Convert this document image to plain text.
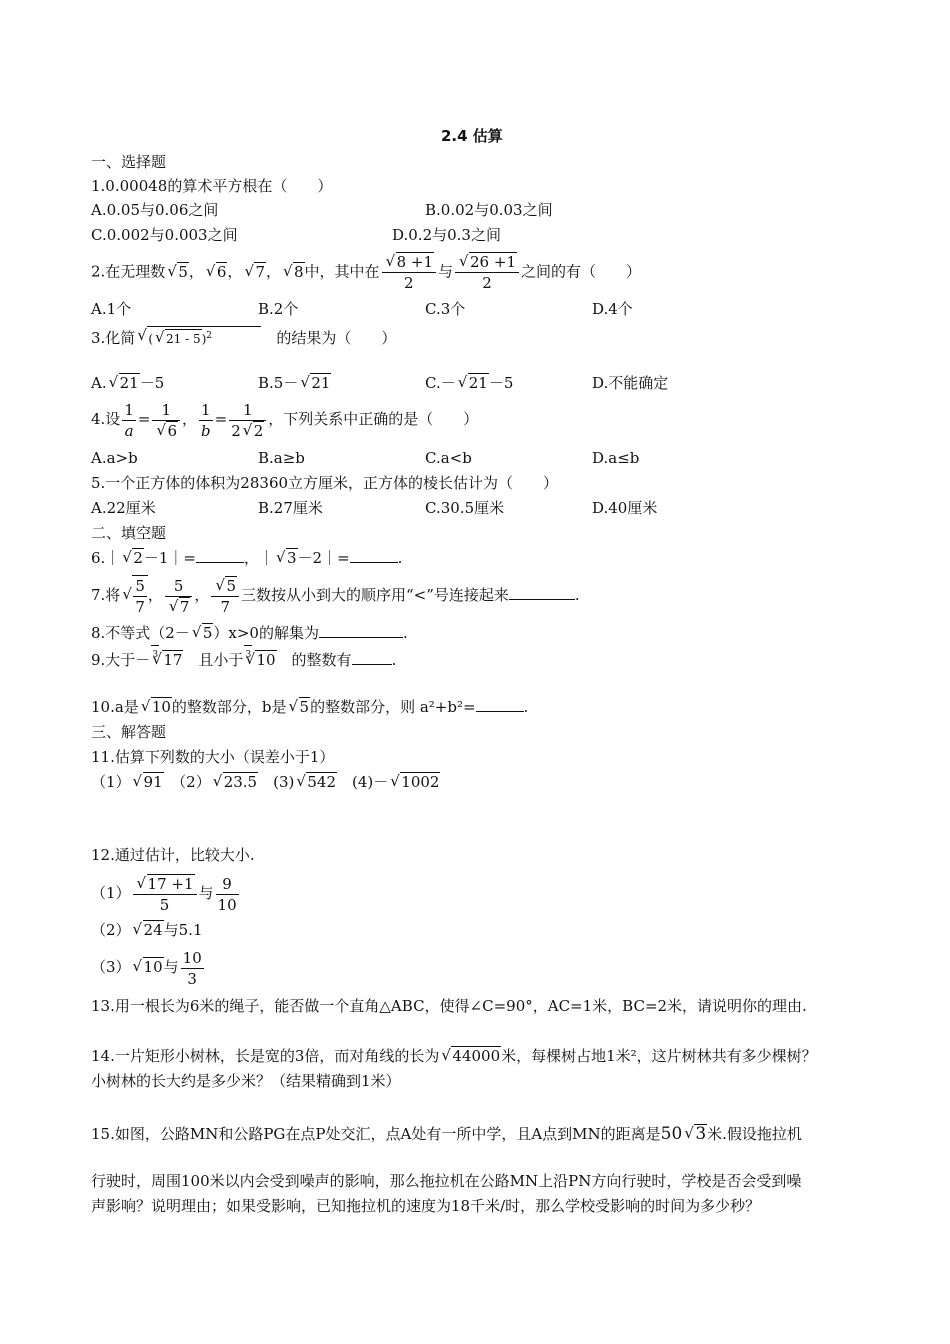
2.4 估算
一、选择题
1.0.00048的算术平方根在（　　）
A.0.05与0.06之间	B.0.02与0.03之间
C.0.002与0.003之间	D.0.2与0.3之间
2.在无理数 √ 5， √ 6， √ 7， √ 8中，其中在 √ $\frac{8 +1}{2}$ 与 √ $\frac{26 +1}{2}$ 之间的有（　　）
A.1个	B.2个	C.3个	D.4个
3.化简 √ ( √ 21 - 5)$^2$　	的结果为（　　）
A. √ 21－5	B.5－ √ 21	C.－ √ 21－5	D.不能确定
4.设 $\frac{1}{a} = 1$
√ 6 ， $\frac{1}{b} = \frac{1}{2 √ 2}$ ，下列关系中正确的是（　　）
A.a>b	B.a≥b	C.a<b	D.a≤b
5.一个正方体的体积为28360立方厘米，正方体的棱长估计为（　　）
A.22厘米	B.27厘米	C.30.5厘米	D.40厘米
二、填空题
6.｜ √ 2－1｜=	，｜ √ 3－2｜=	.
7.将 √ $\frac{5}{7}$ ， 5
√ 7 ， √ $\frac{5}{7}$ 三数按从小到大的顺序用“<”号连接起来	.
8.不等式（2－ √ 5）x>0的解集为	.
9.大于－ √ 3 17　 且小于 √ 3 10　 的整数有	.
10.a是 √ 10的整数部分，b是 √ 5的整数部分，则 a²+b²=	.
三、解答题
11.估算下列数的大小（误差小于1）
（1） √ 91　 （2） √ 23.5　 (3) √ 542　 (4)－ √ 1002
12.通过估计，比较大小.
（1） √ $\frac{17 +1}{5}$ 与 $\frac{9}{10}$
（2） √ 24与5.1
（3） √ 10与 $\frac{10}{3}$
13.用一根长为6米的绳子，能否做一个直角△ABC，使得∠C=90°，AC=1米，BC=2米，请说明你的理由.
14.一片矩形小树林，长是宽的3倍，而对角线的长为 √ 44000米，每棵树占地1米²，这片树林共有多少棵树？
小树林的长大约是多少米？（结果精确到1米）
15.如图，公路MN和公路PG在点P处交汇，点A处有一所中学，且A点到MN的距离是50 √ 3米.假设拖拉机
行驶时，周围100米以内会受到噪声的影响，那么拖拉机在公路MN上沿PN方向行驶时，学校是否会受到噪
声影响？说明理由；如果受影响，已知拖拉机的速度为18千米/时，那么学校受影响的时间为多少秒？
